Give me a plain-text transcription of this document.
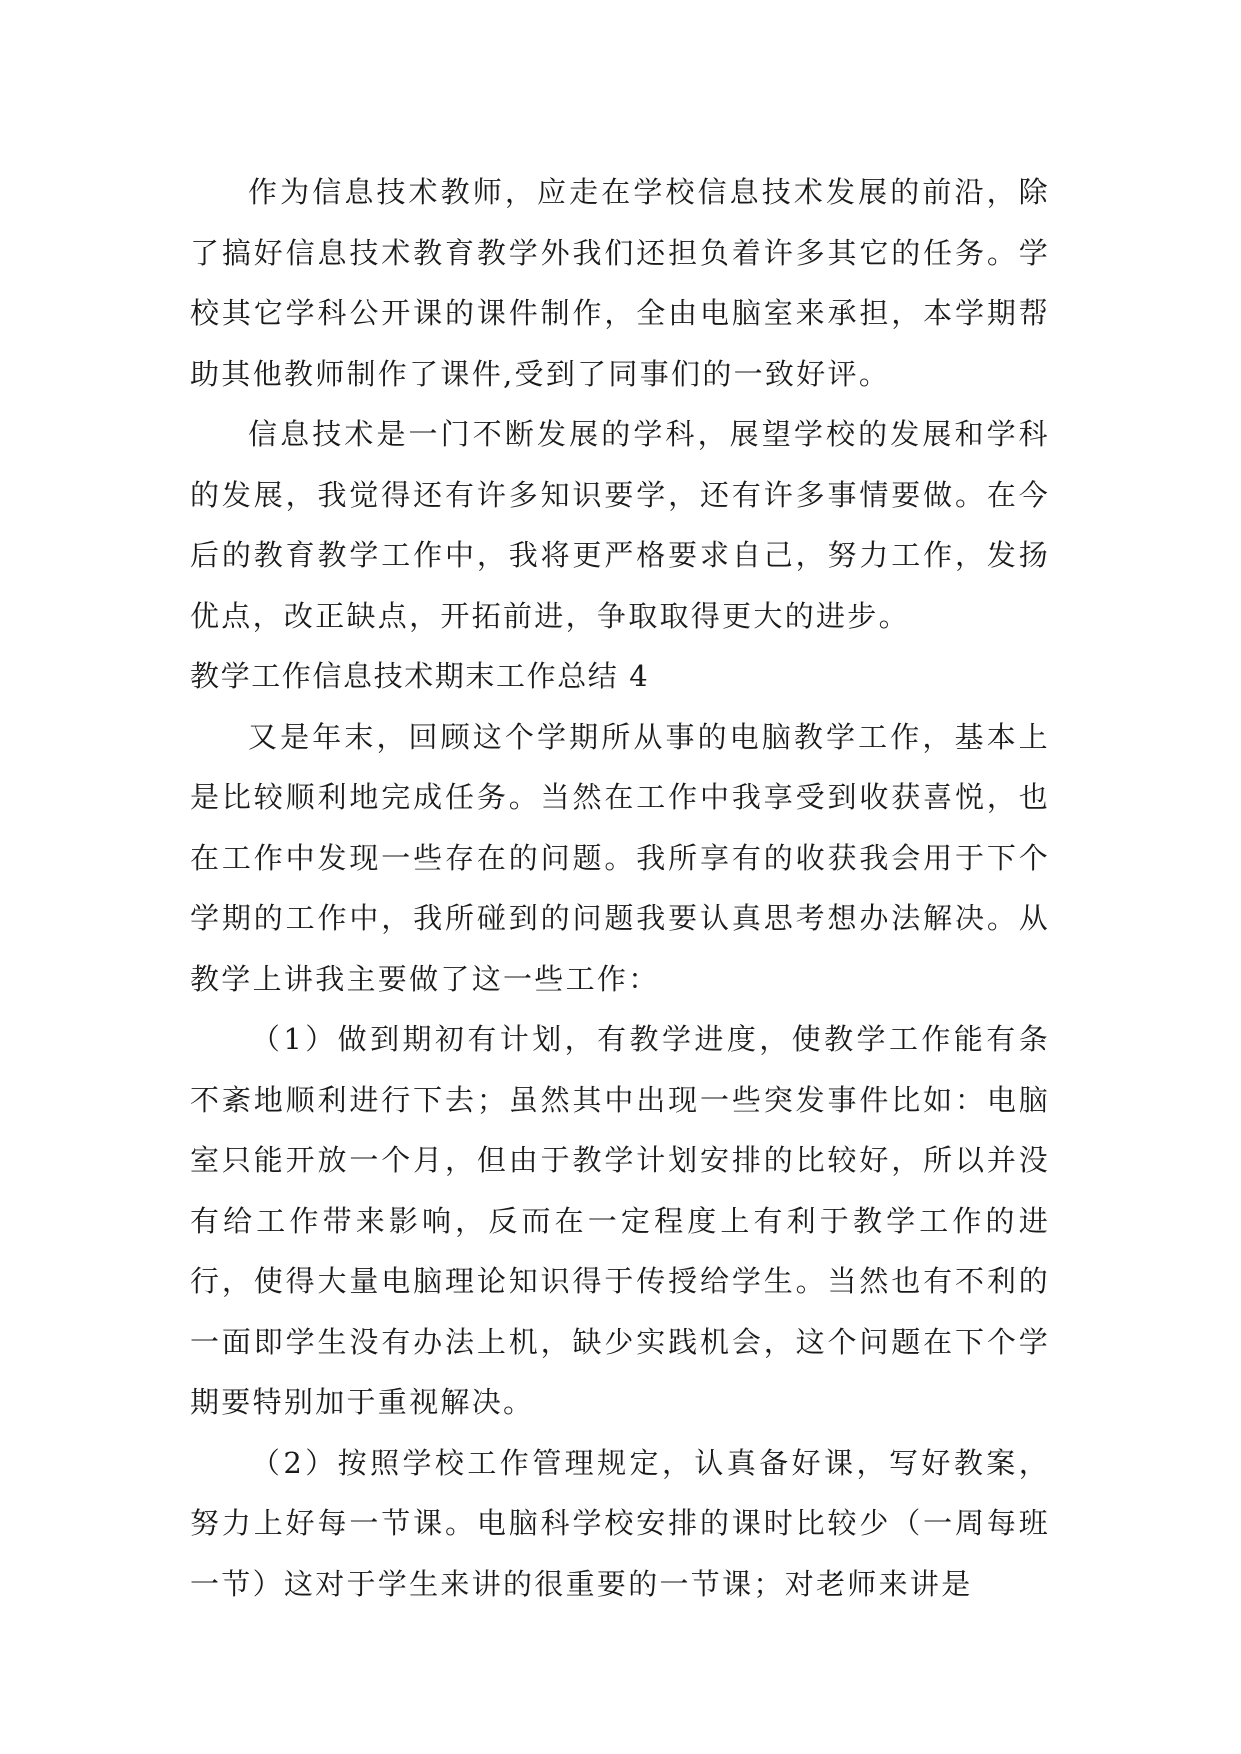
作为信息技术教师，应走在学校信息技术发展的前沿，除了搞好信息技术教育教学外我们还担负着许多其它的任务。学校其它学科公开课的课件制作，全由电脑室来承担，本学期帮助其他教师制作了课件,受到了同事们的一致好评。

信息技术是一门不断发展的学科，展望学校的发展和学科的发展，我觉得还有许多知识要学，还有许多事情要做。在今后的教育教学工作中，我将更严格要求自己，努力工作，发扬优点，改正缺点，开拓前进，争取取得更大的进步。

教学工作信息技术期末工作总结 4

又是年末，回顾这个学期所从事的电脑教学工作，基本上是比较顺利地完成任务。当然在工作中我享受到收获喜悦，也在工作中发现一些存在的问题。我所享有的收获我会用于下个学期的工作中，我所碰到的问题我要认真思考想办法解决。从教学上讲我主要做了这一些工作：

（1）做到期初有计划，有教学进度，使教学工作能有条不紊地顺利进行下去；虽然其中出现一些突发事件比如：电脑室只能开放一个月，但由于教学计划安排的比较好，所以并没有给工作带来影响，反而在一定程度上有利于教学工作的进行，使得大量电脑理论知识得于传授给学生。当然也有不利的一面即学生没有办法上机，缺少实践机会，这个问题在下个学期要特别加于重视解决。

（2）按照学校工作管理规定，认真备好课，写好教案，努力上好每一节课。电脑科学校安排的课时比较少（一周每班一节）这对于学生来讲的很重要的一节课；对老师来讲是
